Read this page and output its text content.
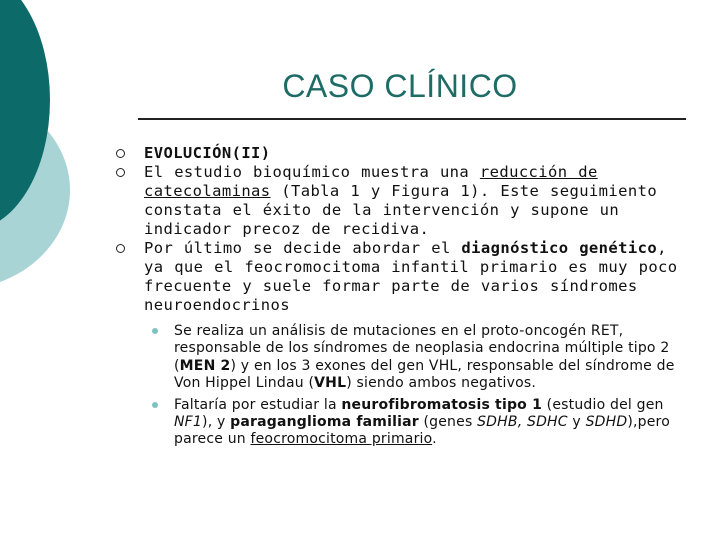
CASO CLÍNICO
EVOLUCIÓN(II)
El estudio bioquímico muestra una reducción de catecolaminas (Tabla 1 y Figura 1). Este seguimiento constata el éxito de la intervención y supone un indicador precoz de recidiva.
Por último se decide abordar el diagnóstico genético, ya que el feocromocitoma infantil primario es muy poco frecuente y suele formar parte de varios síndromes neuroendocrinos
Se realiza un análisis de mutaciones en el proto-oncogén RET, responsable de los síndromes de neoplasia endocrina múltiple tipo 2 (MEN 2) y en los 3 exones del gen VHL, responsable del síndrome de Von Hippel Lindau (VHL) siendo ambos negativos.
Faltaría por estudiar la neurofibromatosis tipo 1 (estudio del gen NF1), y paraganglioma familiar (genes SDHB, SDHC y SDHD),pero parece un feocromocitoma primario.
